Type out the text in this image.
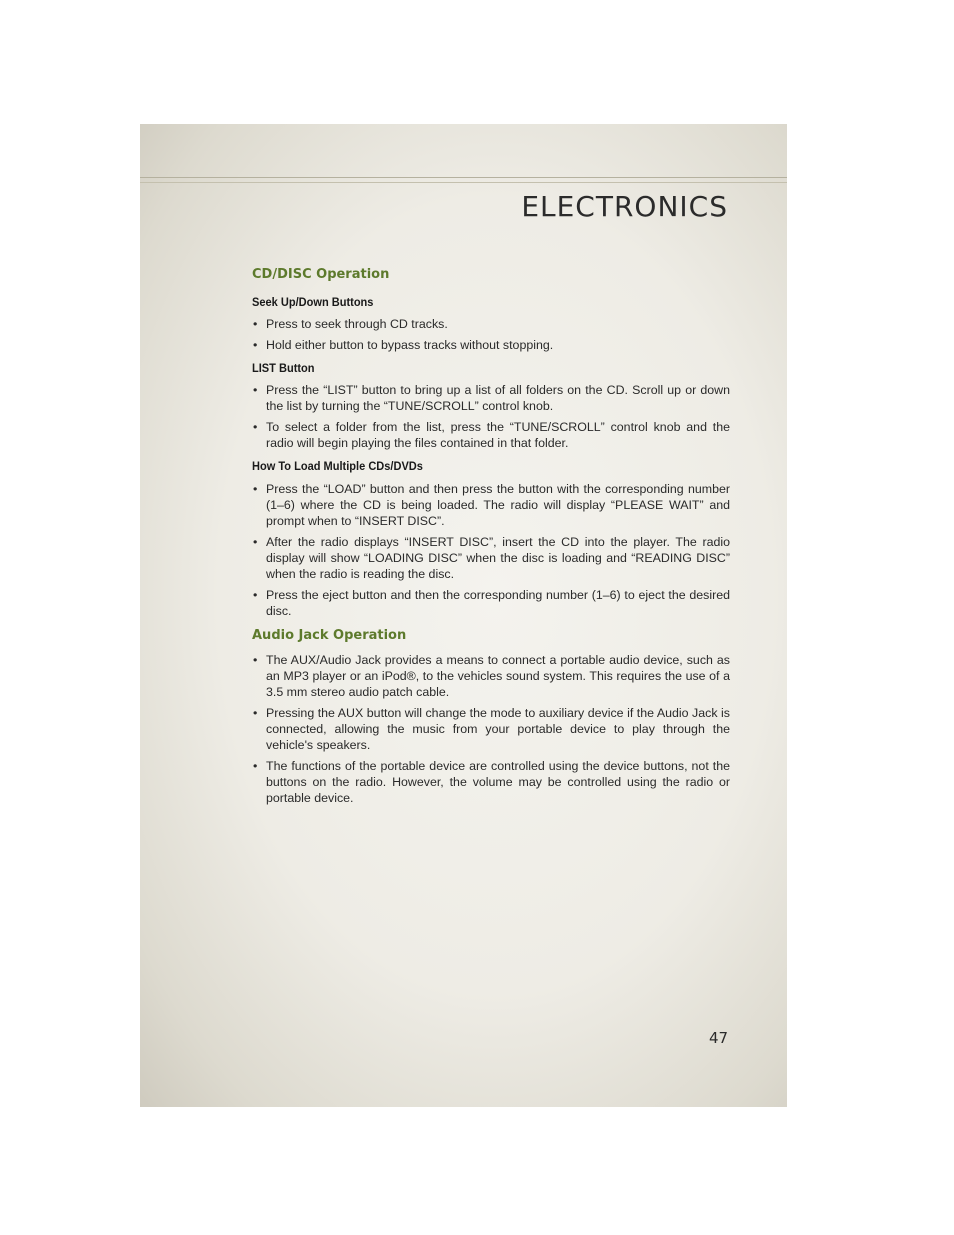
ELECTRONICS
CD/DISC Operation
Seek Up/Down Buttons
• Press to seek through CD tracks.
• Hold either button to bypass tracks without stopping.
LIST Button
• Press the “LIST” button to bring up a list of all folders on the CD. Scroll up or down the list by turning the “TUNE/SCROLL” control knob.
• To select a folder from the list, press the “TUNE/SCROLL” control knob and the radio will begin playing the files contained in that folder.
How To Load Multiple CDs/DVDs
• Press the “LOAD” button and then press the button with the corresponding number (1–6) where the CD is being loaded. The radio will display “PLEASE WAIT” and prompt when to “INSERT DISC”.
• After the radio displays “INSERT DISC”, insert the CD into the player. The radio display will show “LOADING DISC” when the disc is loading and “READING DISC” when the radio is reading the disc.
• Press the eject button and then the corresponding number (1–6) to eject the desired disc.
Audio Jack Operation
• The AUX/Audio Jack provides a means to connect a portable audio device, such as an MP3 player or an iPod®, to the vehicles sound system. This requires the use of a 3.5 mm stereo audio patch cable.
• Pressing the AUX button will change the mode to auxiliary device if the Audio Jack is connected, allowing the music from your portable device to play through the vehicle's speakers.
• The functions of the portable device are controlled using the device buttons, not the buttons on the radio. However, the volume may be controlled using the radio or portable device.
47
